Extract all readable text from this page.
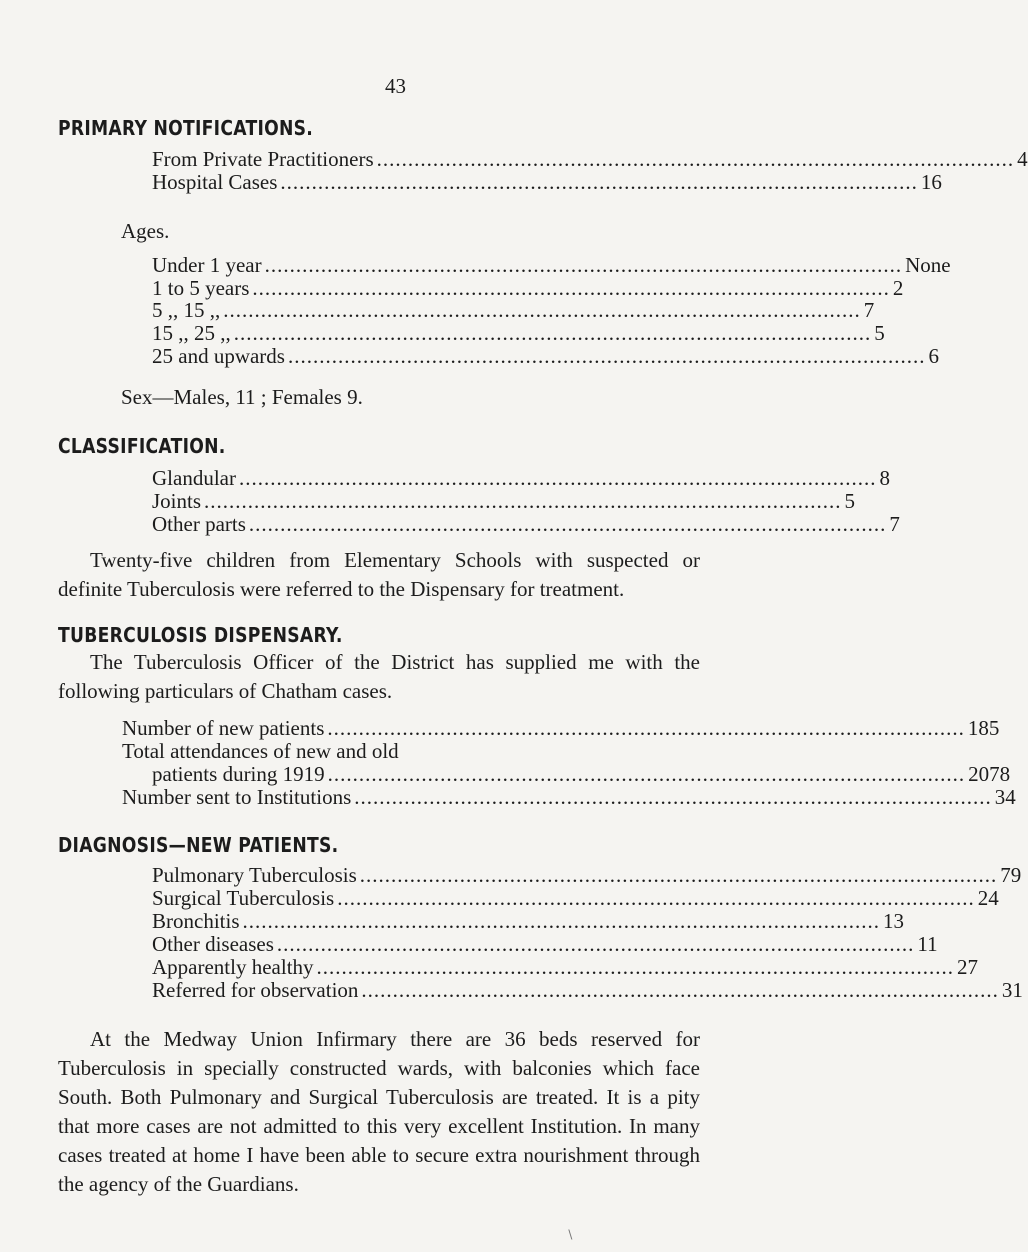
43
PRIMARY NOTIFICATIONS.
From Private Practitioners ...................................................................................................... 4
Hospital Cases ...................................................................................................... 16
Ages.
Under 1 year ...................................................................................................... None
1 to 5 years ...................................................................................................... 2
5 ,, 15 ,, ...................................................................................................... 7
15 ,, 25 ,, ...................................................................................................... 5
25 and upwards ...................................................................................................... 6
Sex—Males, 11 ; Females 9.
CLASSIFICATION.
Glandular ...................................................................................................... 8
Joints ...................................................................................................... 5
Other parts ...................................................................................................... 7
Twenty-five children from Elementary Schools with suspected or definite Tuberculosis were referred to the Dispensary for treatment.
TUBERCULOSIS DISPENSARY.
The Tuberculosis Officer of the District has supplied me with the following particulars of Chatham cases.
Number of new patients ...................................................................................................... 185
Total attendances of new and old
patients during 1919 ...................................................................................................... 2078
Number sent to Institutions ...................................................................................................... 34
DIAGNOSIS—NEW PATIENTS.
Pulmonary Tuberculosis ...................................................................................................... 79
Surgical Tuberculosis ...................................................................................................... 24
Bronchitis ...................................................................................................... 13
Other diseases ...................................................................................................... 11
Apparently healthy ...................................................................................................... 27
Referred for observation ...................................................................................................... 31
At the Medway Union Infirmary there are 36 beds reserved for Tuberculosis in specially constructed wards, with balconies which face South. Both Pulmonary and Surgical Tuberculosis are treated. It is a pity that more cases are not admitted to this very excellent Institution. In many cases treated at home I have been able to secure extra nourishment through the agency of the Guardians.
∖
